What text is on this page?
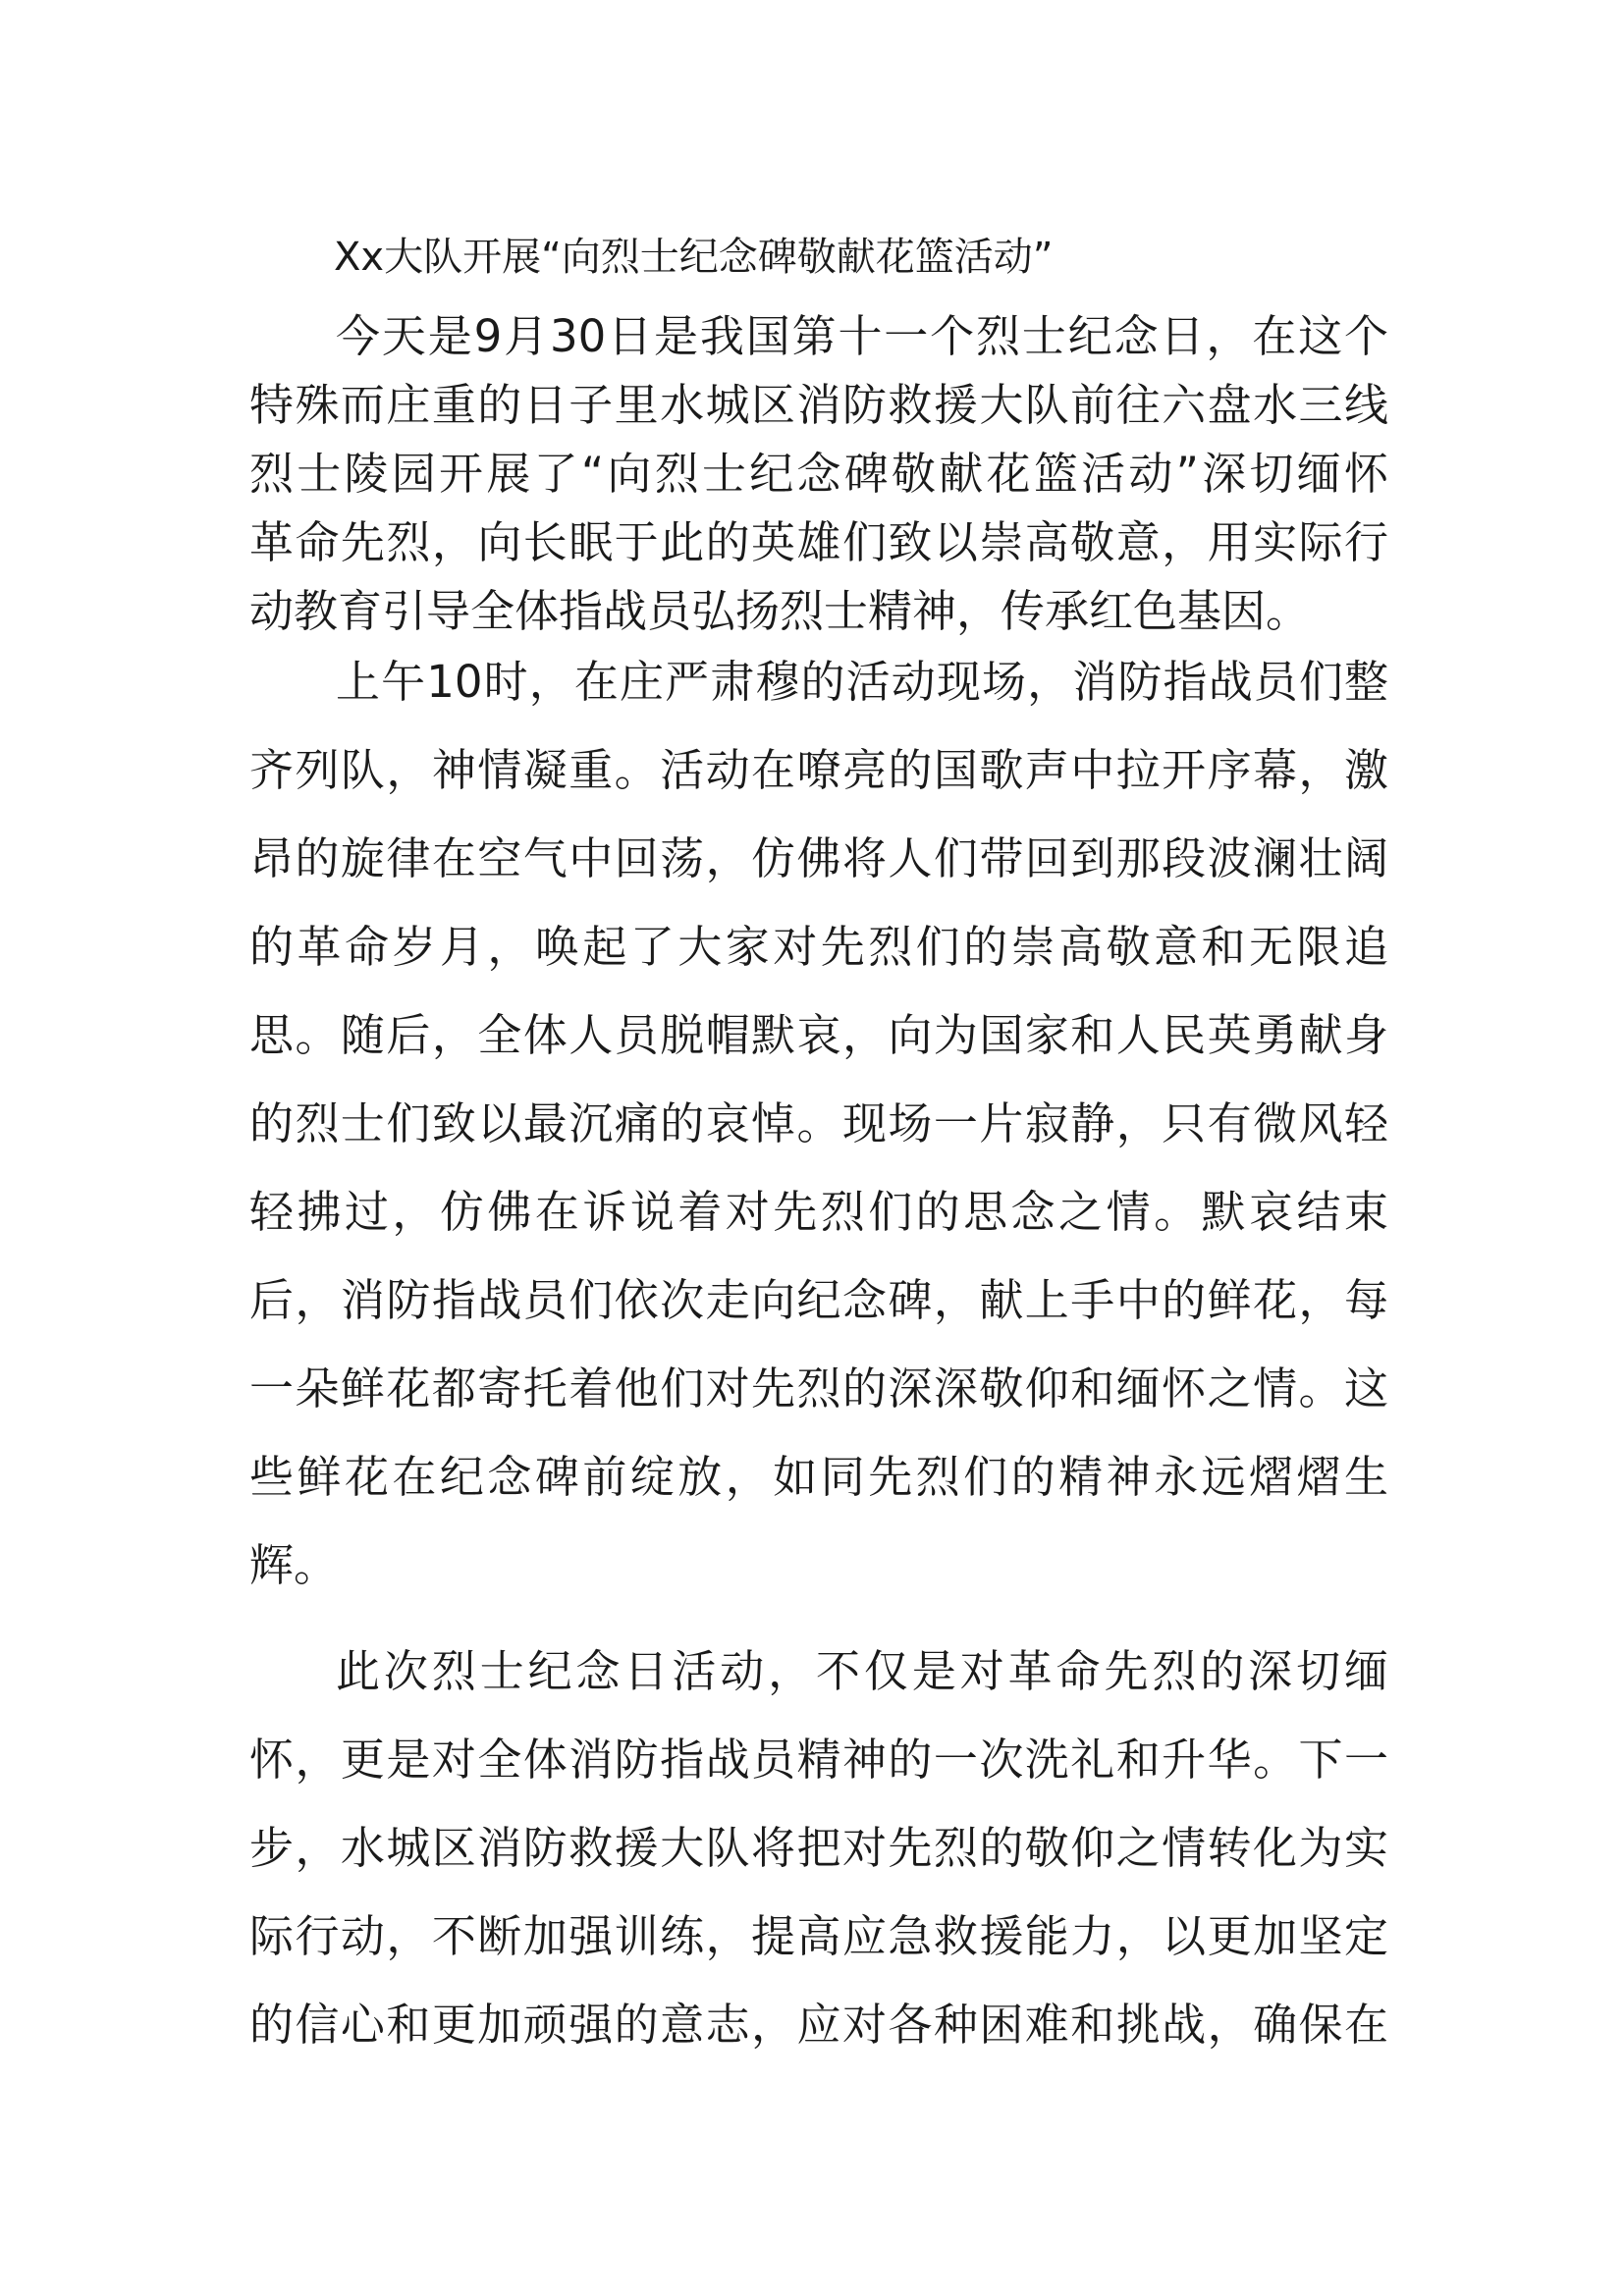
Xx大队开展“向烈士纪念碑敬献花篮活动”
今天是9月30日是我国第十一个烈士纪念日，在这个
特殊而庄重的日子里水城区消防救援大队前往六盘水三线
烈士陵园开展了“向烈士纪念碑敬献花篮活动”深切缅怀
革命先烈，向长眠于此的英雄们致以崇高敬意，用实际行
动教育引导全体指战员弘扬烈士精神，传承红色基因。
上午10时，在庄严肃穆的活动现场，消防指战员们整
齐列队，神情凝重。活动在嘹亮的国歌声中拉开序幕，激
昂的旋律在空气中回荡，仿佛将人们带回到那段波澜壮阔
的革命岁月，唤起了大家对先烈们的崇高敬意和无限追
思。随后，全体人员脱帽默哀，向为国家和人民英勇献身
的烈士们致以最沉痛的哀悼。现场一片寂静，只有微风轻
轻拂过，仿佛在诉说着对先烈们的思念之情。默哀结束
后，消防指战员们依次走向纪念碑，献上手中的鲜花，每
一朵鲜花都寄托着他们对先烈的深深敬仰和缅怀之情。这
些鲜花在纪念碑前绽放，如同先烈们的精神永远熠熠生
辉。
此次烈士纪念日活动，不仅是对革命先烈的深切缅
怀，更是对全体消防指战员精神的一次洗礼和升华。下一
步，水城区消防救援大队将把对先烈的敬仰之情转化为实
际行动，不断加强训练，提高应急救援能力，以更加坚定
的信心和更加顽强的意志，应对各种困难和挑战，确保在
